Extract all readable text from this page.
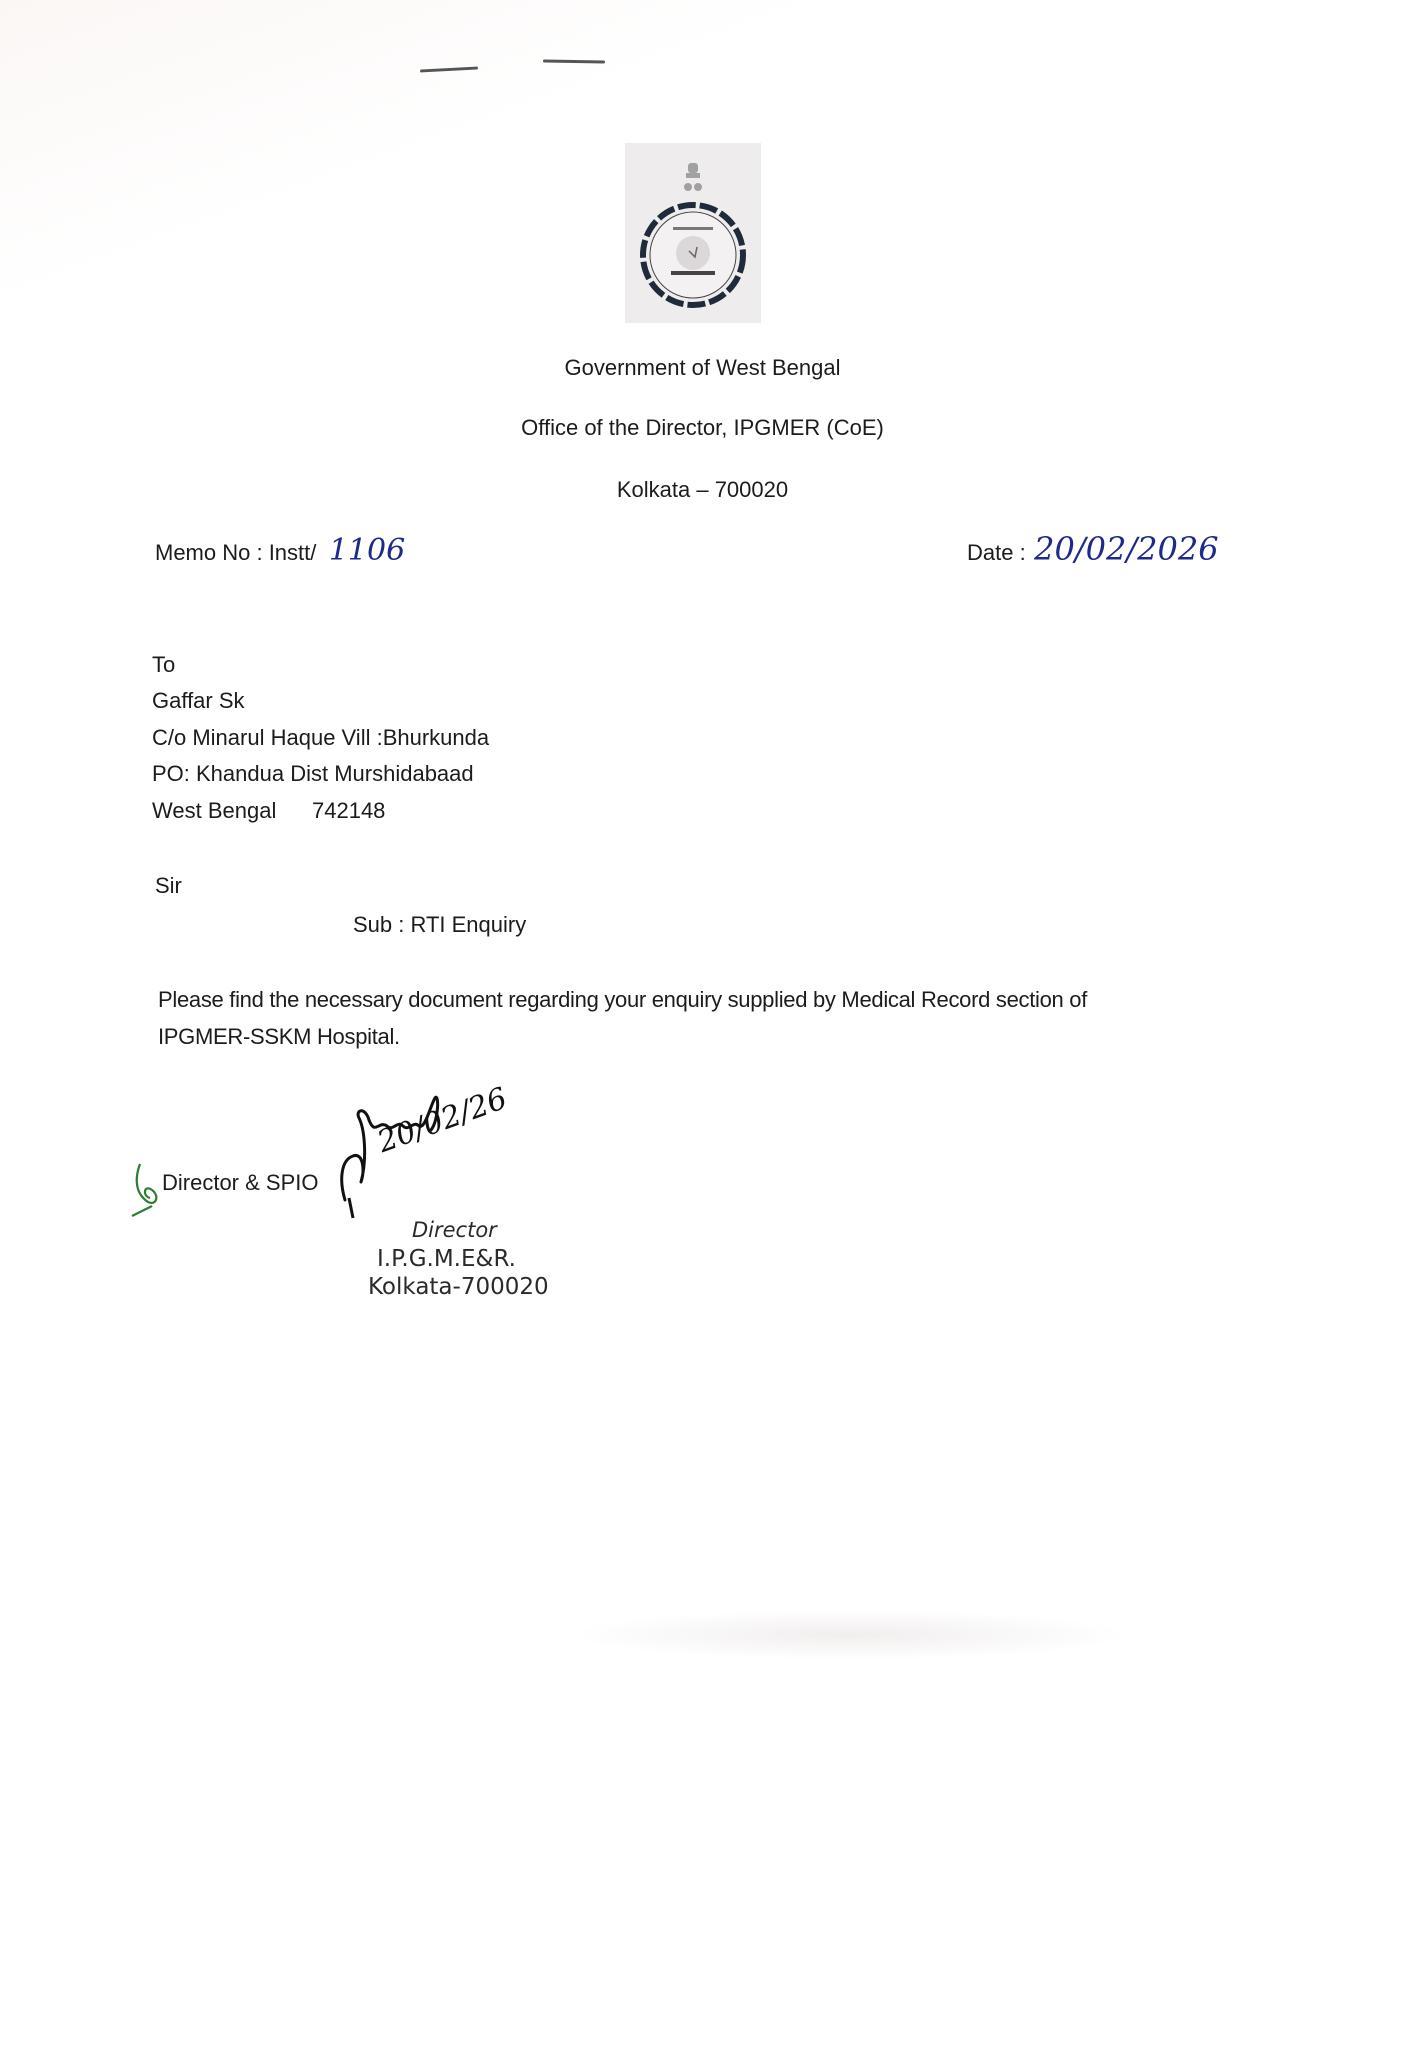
Government of West Bengal
Office of the Director, IPGMER (CoE)
Kolkata – 700020
Memo No : Instt/ 1106	Date : 20/02/2026
To
Gaffar Sk
C/o Minarul Haque Vill :Bhurkunda
PO: Khandua Dist Murshidabaad
West Bengal 742148
Sir
Sub : RTI Enquiry
Please find the necessary document regarding your enquiry supplied by Medical Record section of
IPGMER-SSKM Hospital.
Director & SPIO
20/02/26
Director
I.P.G.M.E&R.
Kolkata-700020
